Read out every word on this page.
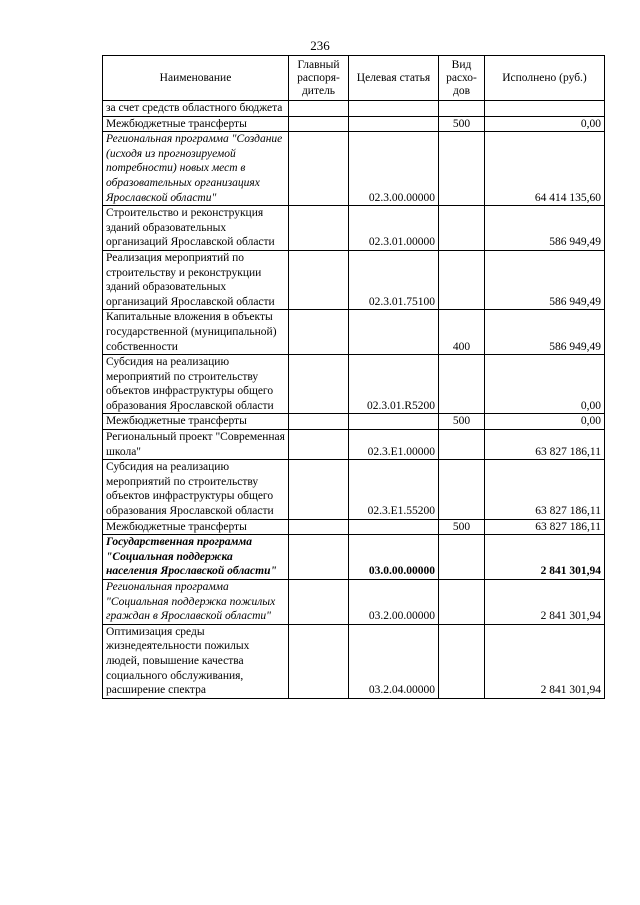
236
Наименование	Главный распоря-дитель	Целевая статья	Вид расхо-дов	Исполнено (руб.)
за счет средств областного бюджета				
Межбюджетные трансферты			500	0,00
Региональная программа "Создание (исходя из прогнозируемой потребности) новых мест в образовательных организациях Ярославской области"		02.3.00.00000		64 414 135,60
Строительство и реконструкция зданий образовательных организаций Ярославской области		02.3.01.00000		586 949,49
Реализация мероприятий по строительству и реконструкции зданий образовательных организаций Ярославской области		02.3.01.75100		586 949,49
Капитальные вложения в объекты государственной (муниципальной) собственности			400	586 949,49
Субсидия на реализацию мероприятий по строительству объектов инфраструктуры общего образования Ярославской области		02.3.01.R5200		0,00
Межбюджетные трансферты			500	0,00
Региональный проект "Современная школа"		02.3.E1.00000		63 827 186,11
Субсидия на реализацию мероприятий по строительству объектов инфраструктуры общего образования Ярославской области		02.3.E1.55200		63 827 186,11
Межбюджетные трансферты			500	63 827 186,11
Государственная программа "Социальная поддержка населения Ярославской области"		03.0.00.00000		2 841 301,94
Региональная программа "Социальная поддержка пожилых граждан в Ярославской области"		03.2.00.00000		2 841 301,94
Оптимизация среды жизнедеятельности пожилых людей, повышение качества социального обслуживания, расширение спектра		03.2.04.00000		2 841 301,94
